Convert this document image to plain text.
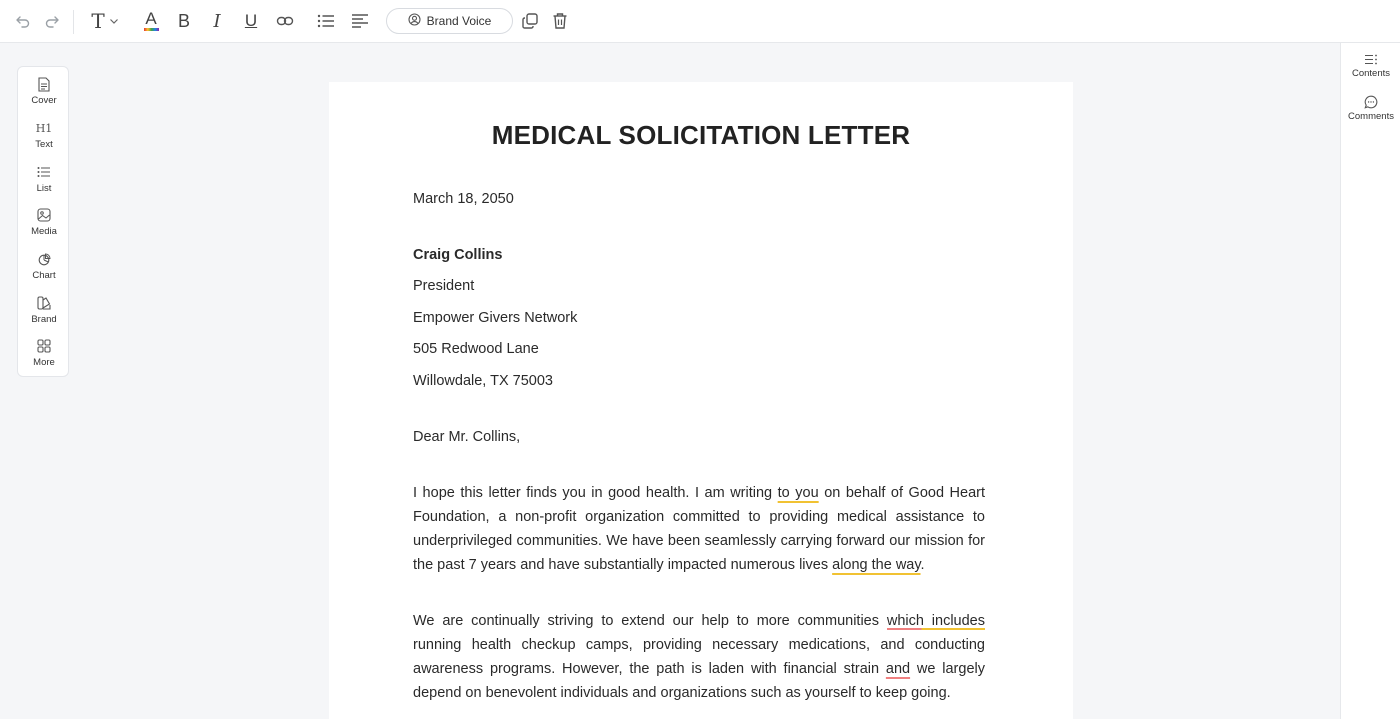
T A B I U	Brand Voice
Cover
H1
Text
List
Media
Chart
Brand
More
Contents
Comments
MEDICAL SOLICITATION LETTER
March 18, 2050
Craig Collins
President
Empower Givers Network
505 Redwood Lane
Willowdale, TX 75003
Dear Mr. Collins,
I hope this letter finds you in good health. I am writing to you on behalf of Good Heart
Foundation, a non-profit organization committed to providing medical assistance to
underprivileged communities. We have been seamlessly carrying forward our mission for
the past 7 years and have substantially impacted numerous lives along the way.
We are continually striving to extend our help to more communities which includes
running health checkup camps, providing necessary medications, and conducting
awareness programs. However, the path is laden with financial strain and we largely
depend on benevolent individuals and organizations such as yourself to keep going.
